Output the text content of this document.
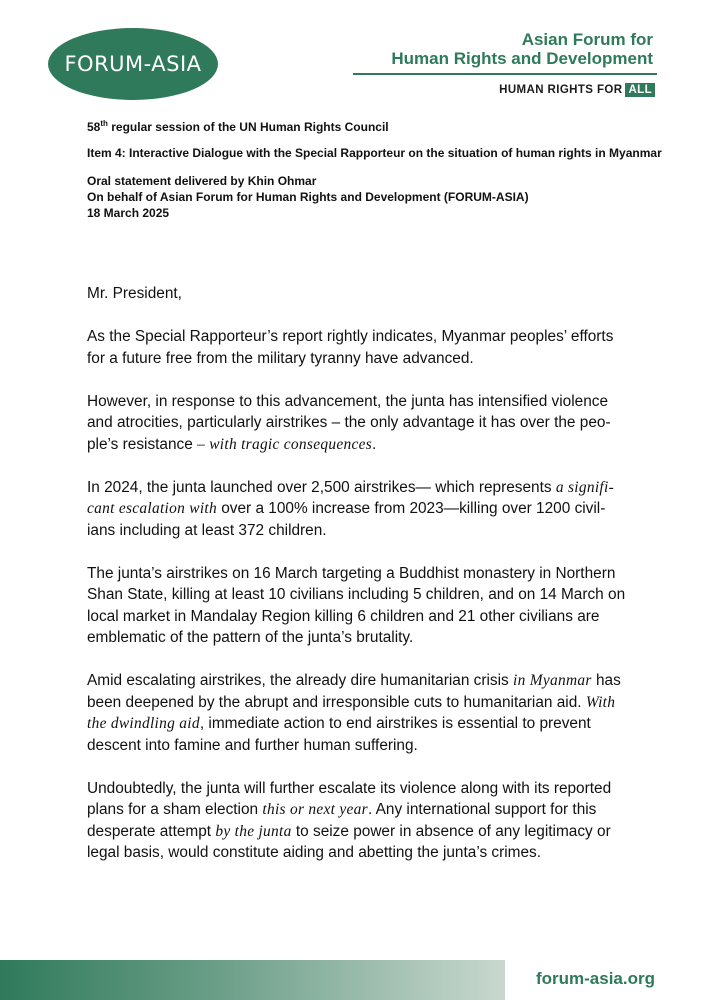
FORUM-ASIA
Asian Forum for
Human Rights and Development
HUMAN RIGHTS FOR ALL

58th regular session of the UN Human Rights Council

Item 4: Interactive Dialogue with the Special Rapporteur on the situation of human rights in Myanmar

Oral statement delivered by Khin Ohmar

On behalf of Asian Forum for Human Rights and Development (FORUM-ASIA)

18 March 2025

Mr. President,

As the Special Rapporteur’s report rightly indicates, Myanmar peoples’ efforts for a future free from the military tyranny have advanced.

However, in response to this advancement, the junta has intensified violence and atrocities, particularly airstrikes – the only advantage it has over the people’s resistance – with tragic consequences.

In 2024, the junta launched over 2,500 airstrikes— which represents a significant escalation with over a 100% increase from 2023—killing over 1200 civilians including at least 372 children.

The junta’s airstrikes on 16 March targeting a Buddhist monastery in Northern Shan State, killing at least 10 civilians including 5 children, and on 14 March on local market in Mandalay Region killing 6 children and 21 other civilians are emblematic of the pattern of the junta’s brutality.

Amid escalating airstrikes, the already dire humanitarian crisis in Myanmar has been deepened by the abrupt and irresponsible cuts to humanitarian aid. With the dwindling aid, immediate action to end airstrikes is essential to prevent descent into famine and further human suffering.

Undoubtedly, the junta will further escalate its violence along with its reported plans for a sham election this or next year. Any international support for this desperate attempt by the junta to seize power in absence of any legitimacy or legal basis, would constitute aiding and abetting the junta’s crimes.

forum-asia.org
